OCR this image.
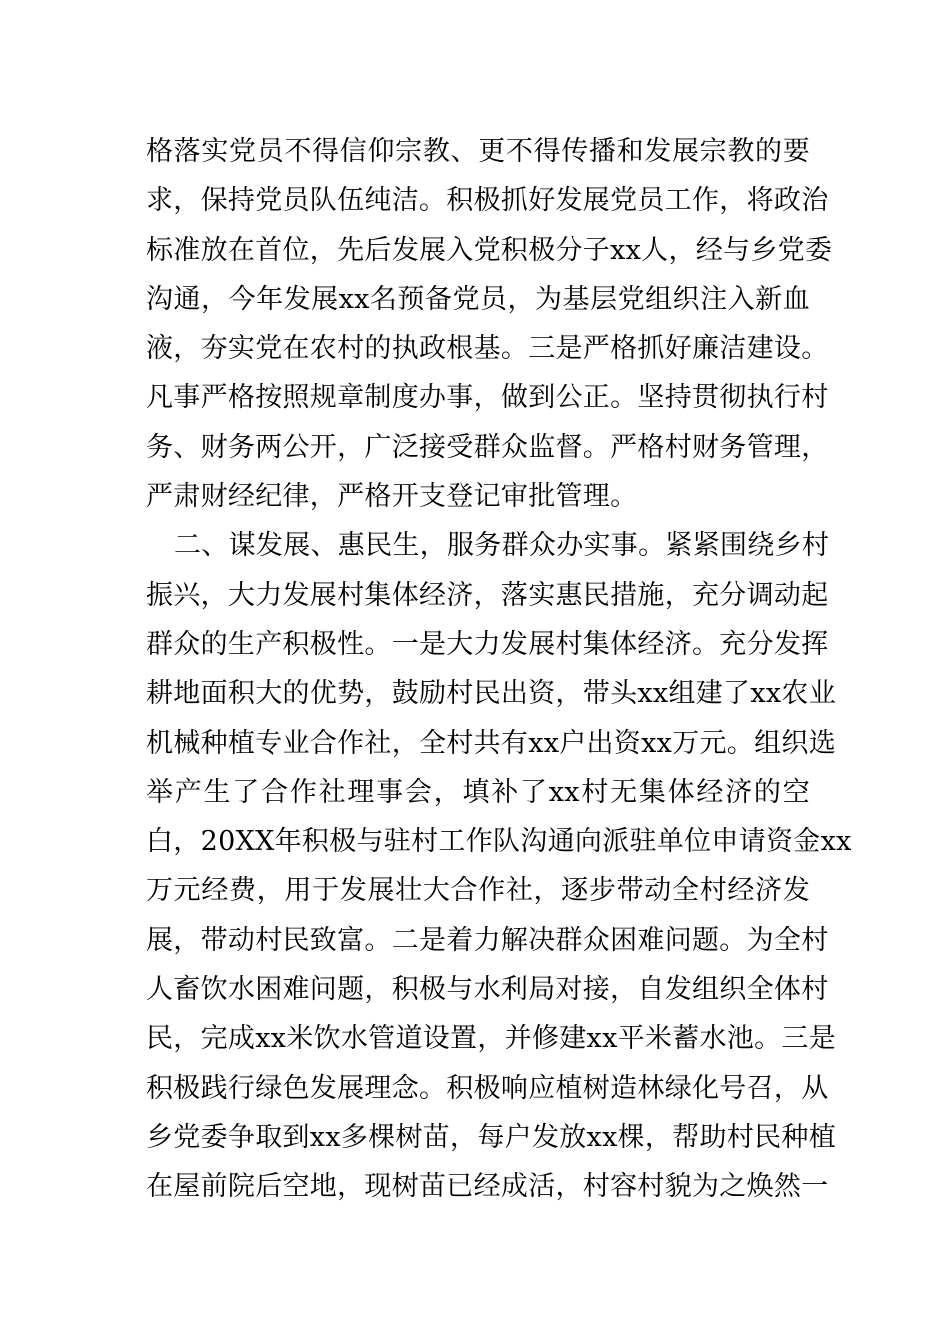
格落实党员不得信仰宗教、更不得传播和发展宗教的要
求，保持党员队伍纯洁。积极抓好发展党员工作，将政治
标准放在首位，先后发展入党积极分子xx人，经与乡党委
沟通，今年发展xx名预备党员，为基层党组织注入新血
液，夯实党在农村的执政根基。三是严格抓好廉洁建设。
凡事严格按照规章制度办事，做到公正。坚持贯彻执行村
务、财务两公开，广泛接受群众监督。严格村财务管理，
严肃财经纪律，严格开支登记审批管理。
二、谋发展、惠民生，服务群众办实事。紧紧围绕乡村
振兴，大力发展村集体经济，落实惠民措施，充分调动起
群众的生产积极性。一是大力发展村集体经济。充分发挥
耕地面积大的优势，鼓励村民出资，带头xx组建了xx农业
机械种植专业合作社，全村共有xx户出资xx万元。组织选
举产生了合作社理事会，填补了xx村无集体经济的空
白，20XX年积极与驻村工作队沟通向派驻单位申请资金xx
万元经费，用于发展壮大合作社，逐步带动全村经济发
展，带动村民致富。二是着力解决群众困难问题。为全村
人畜饮水困难问题，积极与水利局对接，自发组织全体村
民，完成xx米饮水管道设置，并修建xx平米蓄水池。三是
积极践行绿色发展理念。积极响应植树造林绿化号召，从
乡党委争取到xx多棵树苗，每户发放xx棵，帮助村民种植
在屋前院后空地，现树苗已经成活，村容村貌为之焕然一
